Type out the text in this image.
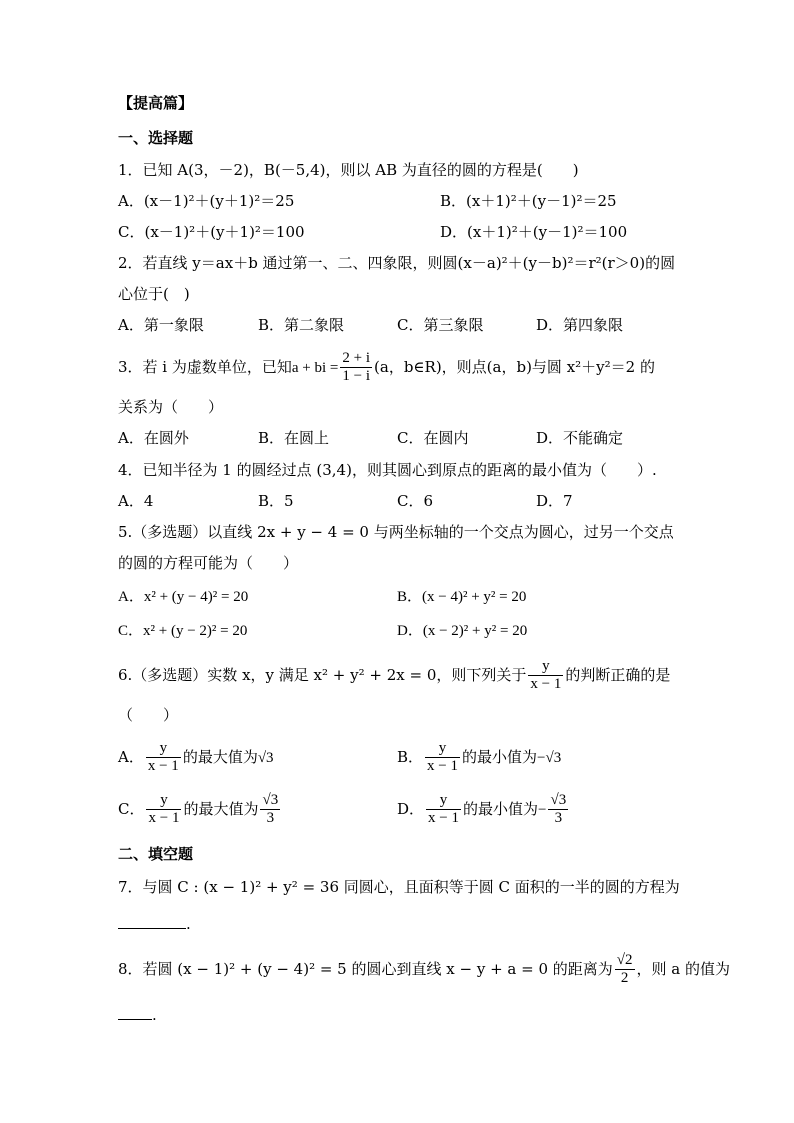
【提高篇】
一、选择题
1．已知 A(3，－2)，B(－5,4)，则以 AB 为直径的圆的方程是(　　)
A．(x－1)²＋(y＋1)²＝25	B．(x＋1)²＋(y－1)²＝25
C．(x－1)²＋(y＋1)²＝100	D．(x＋1)²＋(y－1)²＝100
2．若直线 y＝ax＋b 通过第一、二、四象限，则圆(x－a)²＋(y－b)²＝r²(r＞0)的圆
心位于(　)
A．第一象限	B．第二象限	C．第三象限	D．第四象限
3．若 i 为虚数单位，已知a + bi = $\frac{2 + i}{1 - i} (a$，b∈R)，则点(a，b)与圆 x²＋y²＝2 的
关系为（　　）
A．在圆外	B．在圆上	C．在圆内	D．不能确定
4．已知半径为 1 的圆经过点 (3,4)，则其圆心到原点的距离的最小值为（　　）.
A．4	B．5	C．6	D．7
5.（多选题）以直线 2x + y − 4 = 0 与两坐标轴的一个交点为圆心，过另一个交点
的圆的方程可能为（　　）
A．x² + (y − 4)² = 20	B．(x − 4)² + y² = 20
C．x² + (y − 2)² = 20	D．(x − 2)² + y² = 20
6.（多选题）实数 x，y 满足 x² + y² + 2x = 0，则下列关于 $\frac{y}{x - 1}$ 的判断正确的是
（　　）
A． $\frac{y}{x - 1}$ 的最大值为√3	B． $\frac{y}{x - 1}$ 的最小值为−√3
C． $\frac{y}{x - 1}$ 的最大值为 $\frac{√3}{3}$	D． $\frac{y}{x - 1}$ 的最小值为− $\frac{√3}{3}$
二、填空题
7．与圆 C : (x − 1)² + y² = 36 同圆心，且面积等于圆 C 面积的一半的圆的方程为
.
8．若圆 (x − 1)² + (y − 4)² = 5 的圆心到直线 x − y + a = 0 的距离为 $\frac{√2}{2}$ ，则 a 的值为
.
